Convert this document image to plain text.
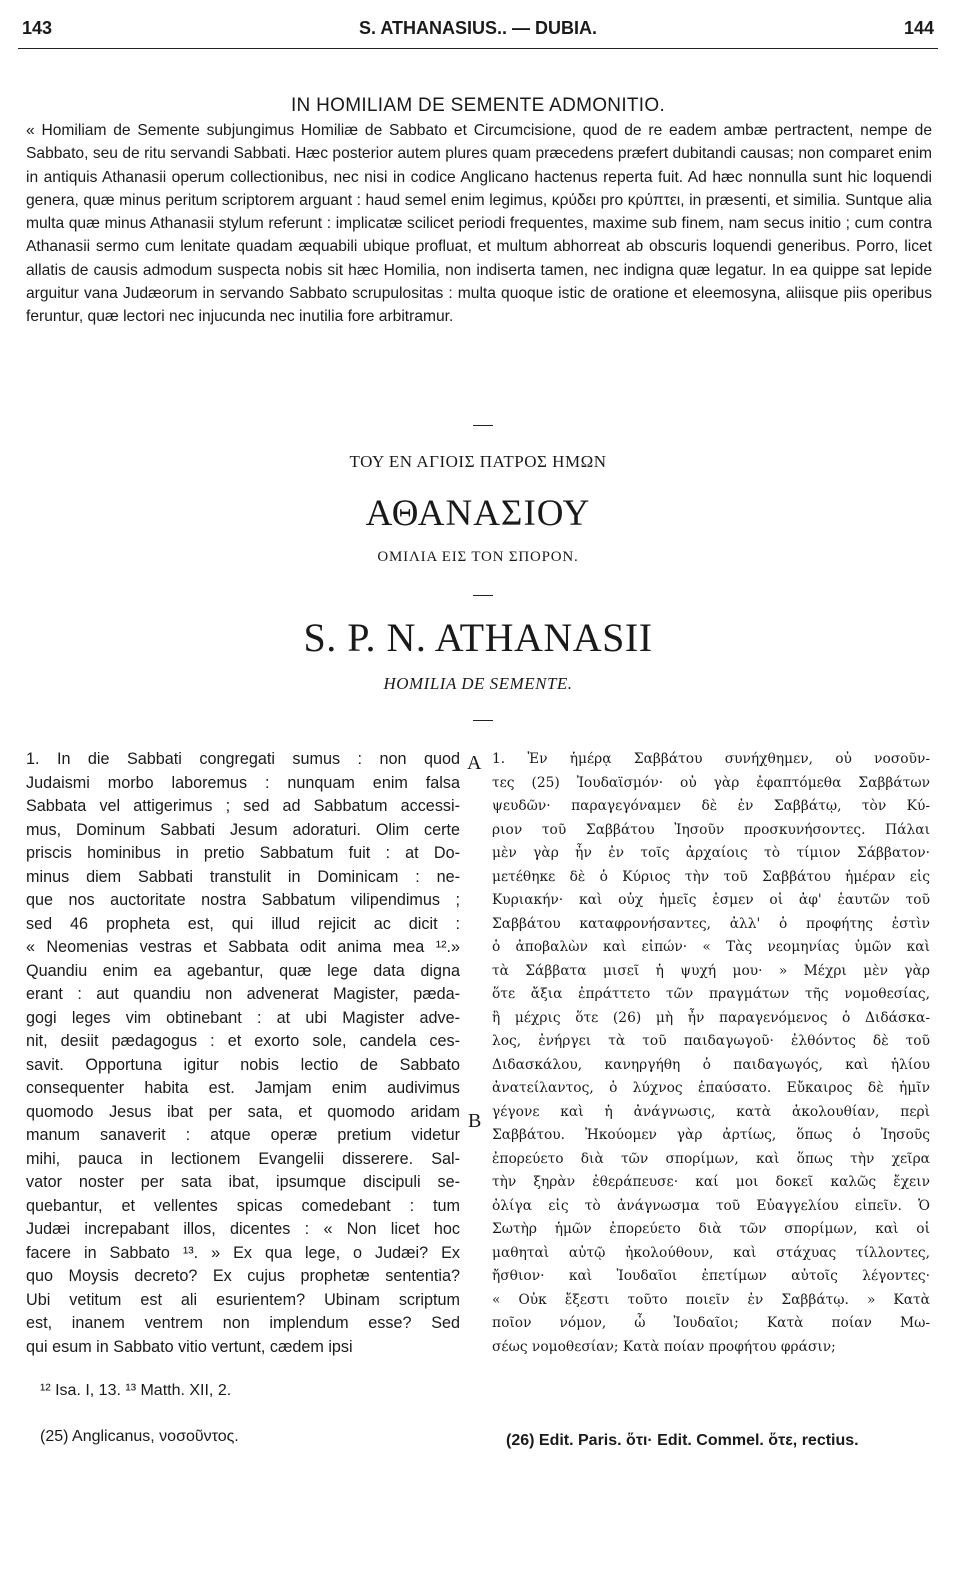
143	S. ATHANASIUS.. — DUBIA.	144
IN HOMILIAM DE SEMENTE ADMONITIO.

« Homiliam de Semente subjungimus Homiliæ de Sabbato et Circumcisione, quod de re eadem ambæ pertractent, nempe de Sabbato, seu de ritu servandi Sabbati. Hæc posterior autem plures quam præcedens præfert dubitandi causas; non comparet enim in antiquis Athanasii operum collectionibus, nec nisi in codice Anglicano hactenus reperta fuit. Ad hæc nonnulla sunt hic loquendi genera, quæ minus peritum scriptorem arguant : haud semel enim legimus, κρύδει pro κρύπτει, in præsenti, et similia. Suntque alia multa quæ minus Athanasii stylum referunt : implicatæ scilicet periodi frequentes, maxime sub finem, nam secus initio ; cum contra Athanasii sermo cum lenitate quadam æquabili ubique profluat, et multum abhorreat ab obscuris loquendi generibus. Porro, licet allatis de causis admodum suspecta nobis sit hæc Homilia, non indiserta tamen, nec indigna quæ legatur. In ea quippe sat lepide arguitur vana Judæorum in servando Sabbato scrupulositas : multa quoque istic de oratione et eleemosyna, aliisque piis operibus feruntur, quæ lectori nec injucunda nec inutilia fore arbitramur.

ΤΟΥ ΕΝ ΑΓΙΟΙΣ ΠΑΤΡΟΣ ΗΜΩΝ
ΑΘΑΝΑΣΙΟΥ
ΟΜΙΛΙΑ ΕΙΣ ΤΟΝ ΣΠΟΡΟΝ.
S. P. N. ATHANASII
HOMILIA DE SEMENTE.
1. In die Sabbati congregati sumus : non quod
Judaismi morbo laboremus : nunquam enim falsa
Sabbata vel attigerimus ; sed ad Sabbatum accessi-
mus, Dominum Sabbati Jesum adoraturi. Olim certe
priscis hominibus in pretio Sabbatum fuit : at Do-
minus diem Sabbati transtulit in Dominicam : ne-
que nos auctoritate nostra Sabbatum vilipendimus ;
sed 46 propheta est, qui illud rejicit ac dicit :
« Neomenias vestras et Sabbata odit anima mea ¹².»
Quandiu enim ea agebantur, quæ lege data digna
erant : aut quandiu non advenerat Magister, pæda-
gogi leges vim obtinebant : at ubi Magister adve-
nit, desiit pædagogus : et exorto sole, candela ces-
savit. Opportuna igitur nobis lectio de Sabbato
consequenter habita est. Jamjam enim audivimus
quomodo Jesus ibat per sata, et quomodo aridam
manum sanaverit : atque operæ pretium videtur
mihi, pauca in lectionem Evangelii disserere. Sal-
vator noster per sata ibat, ipsumque discipuli se-
quebantur, et vellentes spicas comedebant : tum
Judæi increpabant illos, dicentes : « Non licet hoc
facere in Sabbato ¹³. » Ex qua lege, o Judæi? Ex
quo Moysis decreto? Ex cujus prophetæ sententia?
Ubi vetitum est ali esurientem? Ubinam scriptum
est, inanem ventrem non implendum esse? Sed
qui esum in Sabbato vitio vertunt, cædem ipsi
A
B
1. Ἐν ἡμέρᾳ Σαββάτου συνήχθημεν, οὐ νοσοῦν-
τες (25) Ἰουδαϊσμόν· οὐ γὰρ ἐφαπτόμεθα Σαββάτων
ψευδῶν· παραγεγόναμεν δὲ ἐν Σαββάτῳ, τὸν Κύ-
ριον τοῦ Σαββάτου Ἰησοῦν προσκυνήσοντες. Πάλαι
μὲν γὰρ ἦν ἐν τοῖς ἀρχαίοις τὸ τίμιον Σάββατον·
μετέθηκε δὲ ὁ Κύριος τὴν τοῦ Σαββάτου ἡμέραν εἰς
Κυριακήν· καὶ οὐχ ἡμεῖς ἐσμεν οἱ ἀφ' ἑαυτῶν τοῦ
Σαββάτου καταφρονήσαντες, ἀλλ' ὁ προφήτης ἐστὶν
ὁ ἀποβαλὼν καὶ εἰπών· « Τὰς νεομηνίας ὑμῶν καὶ
τὰ Σάββατα μισεῖ ἡ ψυχή μου· » Μέχρι μὲν γὰρ
ὅτε ἄξια ἐπράττετο τῶν πραγμάτων τῆς νομοθεσίας,
ἢ μέχρις ὅτε (26) μὴ ἦν παραγενόμενος ὁ Διδάσκα-
λος, ἐνήργει τὰ τοῦ παιδαγωγοῦ· ἐλθόντος δὲ τοῦ
Διδασκάλου, κανηργήθη ὁ παιδαγωγός, καὶ ἡλίου
ἀνατείλαντος, ὁ λύχνος ἐπαύσατο. Εὔκαιρος δὲ ἡμῖν
γέγονε καὶ ἡ ἀνάγνωσις, κατὰ ἀκολουθίαν, περὶ
Σαββάτου. Ἠκούομεν γὰρ ἀρτίως, ὅπως ὁ Ἰησοῦς
ἐπορεύετο διὰ τῶν σπορίμων, καὶ ὅπως τὴν χεῖρα
τὴν ξηρὰν ἐθεράπευσε· καί μοι δοκεῖ καλῶς ἔχειν
ὀλίγα εἰς τὸ ἀνάγνωσμα τοῦ Εὐαγγελίου εἰπεῖν. Ὁ
Σωτὴρ ἡμῶν ἐπορεύετο διὰ τῶν σπορίμων, καὶ οἱ
μαθηταὶ αὐτῷ ἠκολούθουν, καὶ στάχυας τίλλοντες,
ἤσθιον· καὶ Ἰουδαῖοι ἐπετίμων αὐτοῖς λέγοντες·
« Οὐκ ἔξεστι τοῦτο ποιεῖν ἐν Σαββάτῳ. » Κατὰ
ποῖον νόμον, ὦ Ἰουδαῖοι; Κατὰ ποίαν Μω-
σέως νομοθεσίαν; Κατὰ ποίαν προφήτου φράσιν;
¹² Isa. I, 13. ¹³ Matth. XII, 2.
(25) Anglicanus, νοσοῦντος.	(26) Edit. Paris. ὅτι· Edit. Commel. ὅτε, rectius.
